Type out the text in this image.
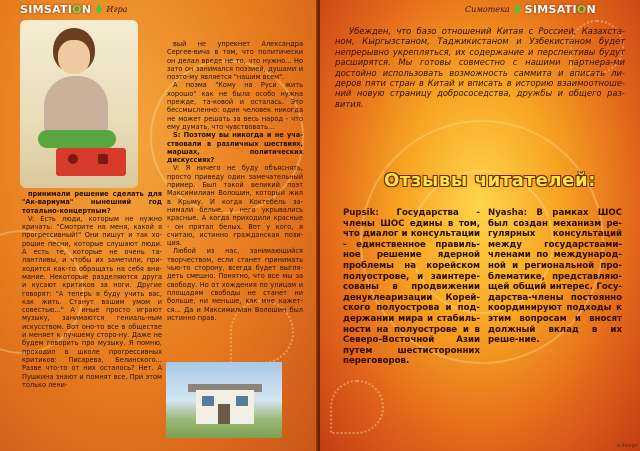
SIMSATION Игра

принимали решение сделать для "Ак-вариума" нынешний год тотально-концертным?

V: Есть люди, которым не нужно кричать: "Смотрите на меня, какой я прогрессивный!" Они пишут и так хо-рошие песни, которые слушают люди. А есть те, которые не очень та-лантливы, и чтобы их заметили, при-ходится как-то обращать на себя вни-мание. Некоторые разделяются друга и кусают критиков за ноги. Другие говорят: "А теперь я буду учить вас, как жить. Станут вашим умом и совестью..." А иные просто играют музыку, занимаются гениаль-ным искусством. Вот оно-то все в обществе и меняет к лучшему сторо-ну. Даже не будем говорить про музыку. Я помню, проходил в школе прогрессивных критиков: Писарева, Белинского... Разве что-то от них осталось? Нет. А Пушкина знают и помнят все. При этом только лени-

вый не упрекнет Александра Сергее-вича в том, что политически он делал вреде не то, что нужно... Но зато он занимался поэзией, душами и поэто-му является "нашим всем".

А поэма "Кому на Руси жить хорошо" как не была особо нужна прежде, та-ковой и осталась. Это бессмысленно: один человек никогда не может решать за весь народ - что ему думать, что чувствовать...

S: Поэтому вы никогда и не уча-ствовали в различных шествиях, маршах, политических дискуссиях?

V: Я ничего не буду объяснять, просто приведу один замечательный пример. Был такой великий поэт Максимилиан Волошин, который жил в Крыму. И когда Коктебель за-нимали белые, у него укрывались красные. А когда приходили красные - он прятал белых. Вот у кого, я считаю, истинно гражданская пози-ция.

Любой из нас, занимающийся творчеством, если станет принимать чью-то сторону, всегда будет выгля-деть смешно. Понятно, что все мы за свободу. Но от хождения по улицам и площадям свободы не станет ни больше, ни меньше, как мне кажет-ся... Да и Максимилиан Волошин был истинно прав.

Симотека SIMSATION

Убежден, что базо отношений Китая с Россией, Казахста-ном, Кыргызстаном, Таджикистаном и Узбекистаном будет непрерывно укрепляться, их содержание и перспективы будут расширятся. Мы готовы совместно с нашими партнера-ми достойно использовать возможность саммита и вписать ли-деров пяти стран в Китай и вписать в историю взаимоотноше-ний новую страницу добрососедства, дружбы и общего раз-вития.

Отзывы читателей:
Pupsik: Государства - члены ШОС едины в том, что диалог и консультации - единственное правиль-ное решение ядерной проблемы на корейском полуострове, и заинтере-сованы в продвижении денуклеаризации Корей-ского полуострова и под-держании мира и стабиль-ности на полуострове и в Северо-Восточной Азии путем шестисторонних переговоров.
Nyasha: В рамках ШОС был создан механизм ре-гулярных консультаций между государствами-членами по международ-ной и региональной про-блематике, представляю-щей общий интерес. Госу-дарства-члены постоянно координируют подходы к этим вопросам и вносят должный вклад в их реше-ние.
a.design
